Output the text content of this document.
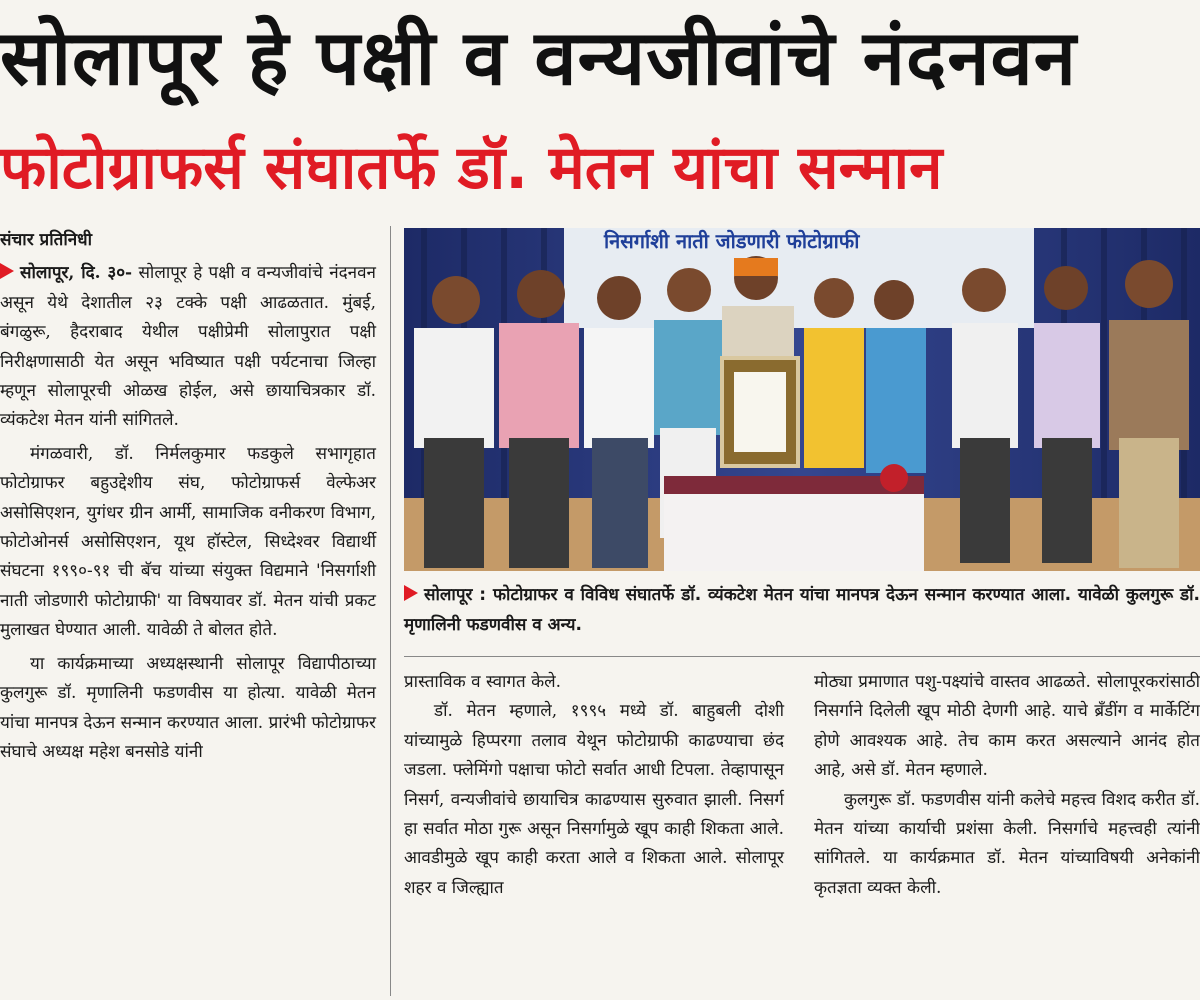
सोलापूर हे पक्षी व वन्यजीवांचे नंदनवन
फोटोग्राफर्स संघातर्फे डॉ. मेतन यांचा सन्मान
संचार प्रतिनिधी

सोलापूर, दि. ३०- सोलापूर हे पक्षी व वन्यजीवांचे नंदनवन असून येथे देशातील २३ टक्के पक्षी आढळतात. मुंबई, बंगळुरू, हैदराबाद येथील पक्षीप्रेमी सोलापुरात पक्षी निरीक्षणासाठी येत असून भविष्यात पक्षी पर्यटनाचा जिल्हा म्हणून सोलापूरची ओळख होईल, असे छायाचित्रकार डॉ. व्यंकटेश मेतन यांनी सांगितले.

मंगळवारी, डॉ. निर्मलकुमार फडकुले सभागृहात फोटोग्राफर बहुउद्देशीय संघ, फोटोग्राफर्स वेल्फेअर असोसिएशन, युगंधर ग्रीन आर्मी, सामाजिक वनीकरण विभाग, फोटोओनर्स असोसिएशन, यूथ हॉस्टेल, सिध्देश्वर विद्यार्थी संघटना १९९०-९१ ची बॅच यांच्या संयुक्त विद्यमाने 'निसर्गाशी नाती जोडणारी फोटोग्राफी' या विषयावर डॉ. मेतन यांची प्रकट मुलाखत घेण्यात आली. यावेळी ते बोलत होते.

या कार्यक्रमाच्या अध्यक्षस्थानी सोलापूर विद्यापीठाच्या कुलगुरू डॉ. मृणालिनी फडणवीस या होत्या. यावेळी मेतन यांचा मानपत्र देऊन सन्मान करण्यात आला. प्रारंभी फोटोग्राफर संघाचे अध्यक्ष महेश बनसोडे यांनी

निसर्गाशी नाती जोडणारी फोटोग्राफी
सोलापूर : फोटोग्राफर व विविध संघातर्फे डॉ. व्यंकटेश मेतन यांचा मानपत्र देऊन सन्मान करण्यात आला. यावेळी कुलगुरू डॉ. मृणालिनी फडणवीस व अन्य.

प्रास्ताविक व स्वागत केले.

डॉ. मेतन म्हणाले, १९९५ मध्ये डॉ. बाहुबली दोशी यांच्यामुळे हिप्परगा तलाव येथून फोटोग्राफी काढण्याचा छंद जडला. फ्लेमिंगो पक्षाचा फोटो सर्वात आधी टिपला. तेव्हापासून निसर्ग, वन्यजीवांचे छायाचित्र काढण्यास सुरुवात झाली. निसर्ग हा सर्वात मोठा गुरू असून निसर्गामुळे खूप काही शिकता आले. आवडीमुळे खूप काही करता आले व शिकता आले. सोलापूर शहर व जिल्ह्यात

मोठ्या प्रमाणात पशु-पक्ष्यांचे वास्तव आढळते. सोलापूरकरांसाठी निसर्गाने दिलेली खूप मोठी देणगी आहे. याचे ब्रँडींग व मार्केटिंग होणे आवश्यक आहे. तेच काम करत असल्याने आनंद होत आहे, असे डॉ. मेतन म्हणाले.

कुलगुरू डॉ. फडणवीस यांनी कलेचे महत्त्व विशद करीत डॉ. मेतन यांच्या कार्याची प्रशंसा केली. निसर्गाचे महत्त्वही त्यांनी सांगितले. या कार्यक्रमात डॉ. मेतन यांच्याविषयी अनेकांनी कृतज्ञता व्यक्त केली.
